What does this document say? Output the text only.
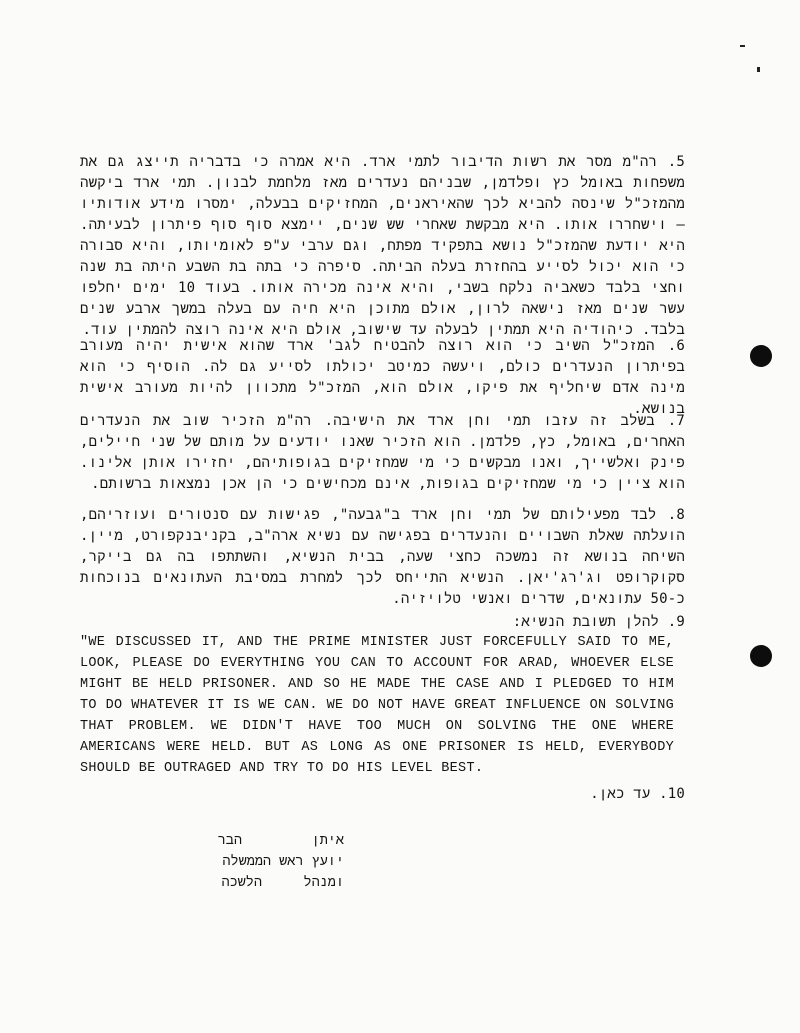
5. רה"מ מסר את רשות הדיבור לתמי ארד. היא אמרה כי בדבריה תייצג גם את משפחות באומל כץ ופלדמן, שבניהם נעדרים מאז מלחמת לבנון. תמי ארד ביקשה מהמזכ"ל שינסה להביא לכך שהאיראנים, המחזיקים בבעלה, ימסרו מידע אודותיו – וישחררו אותו. היא מבקשת שאחרי שש שנים, יימצא סוף סוף פיתרון לבעיתה. היא יודעת שהמזכ"ל נושא בתפקיד מפתח, וגם ערבי ע"פ לאומיותו, והיא סבורה כי הוא יכול לסייע בהחזרת בעלה הביתה. סיפרה כי בתה בת השבע היתה בת שנה וחצי בלבד כשאביה נלקח בשבי, והיא אינה מכירה אותו. בעוד 10 ימים יחלפו עשר שנים מאז נישאה לרון, אולם מתוכן היא חיה עם בעלה במשך ארבע שנים בלבד. כיהודיה היא תמתין לבעלה עד שישוב, אולם היא אינה רוצה להמתין עוד.
6. המזכ"ל השיב כי הוא רוצה להבטיח לגב' ארד שהוא אישית יהיה מעורב בפיתרון הנעדרים כולם, ויעשה כמיטב יכולתו לסייע גם לה. הוסיף כי הוא מינה אדם שיחליף את פיקו, אולם הוא, המזכ"ל מתכוון להיות מעורב אישית בנושא.
7. בשלב זה עזבו תמי וחן ארד את הישיבה. רה"מ הזכיר שוב את הנעדרים האחרים, באומל, כץ, פלדמן. הוא הזכיר שאנו יודעים על מותם של שני חיילים, פינק ואלשייך, ואנו מבקשים כי מי שמחזיקים בגופותיהם, יחזירו אותן אלינו. הוא ציין כי מי שמחזיקים בגופות, אינם מכחישים כי הן אכן נמצאות ברשותם.
8. לבד מפעילותם של תמי וחן ארד ב"גבעה", פגישות עם סנטורים ועוזריהם, הועלתה שאלת השבויים והנעדרים בפגישה עם נשיא ארה"ב, בקניבנקפורט, מיין. השיחה בנושא זה נמשכה כחצי שעה, בבית הנשיא, והשתתפו בה גם בייקר, סקוקרופט וג'רג'יאן. הנשיא התייחס לכך למחרת במסיבת העתונאים בנוכחות כ-50 עתונאים, שדרים ואנשי טלויזיה.
9. להלן תשובת הנשיא:
"WE DISCUSSED IT, AND THE PRIME MINISTER JUST FORCEFULLY SAID TO ME, LOOK, PLEASE DO EVERYTHING YOU CAN TO ACCOUNT FOR ARAD, WHOEVER ELSE MIGHT BE HELD PRISONER. AND SO HE MADE THE CASE AND I PLEDGED TO HIM TO DO WHATEVER IT IS WE CAN. WE DO NOT HAVE GREAT INFLUENCE ON SOLVING THAT PROBLEM. WE DIDN'T HAVE TOO MUCH ON SOLVING THE ONE WHERE AMERICANS WERE HELD. BUT AS LONG AS ONE PRISONER IS HELD, EVERYBODY SHOULD BE OUTRAGED AND TRY TO DO HIS LEVEL BEST.
10. עד כאן.
איתן
הבר
יועץ ראש הממשלה
ומנהל
הלשכה
